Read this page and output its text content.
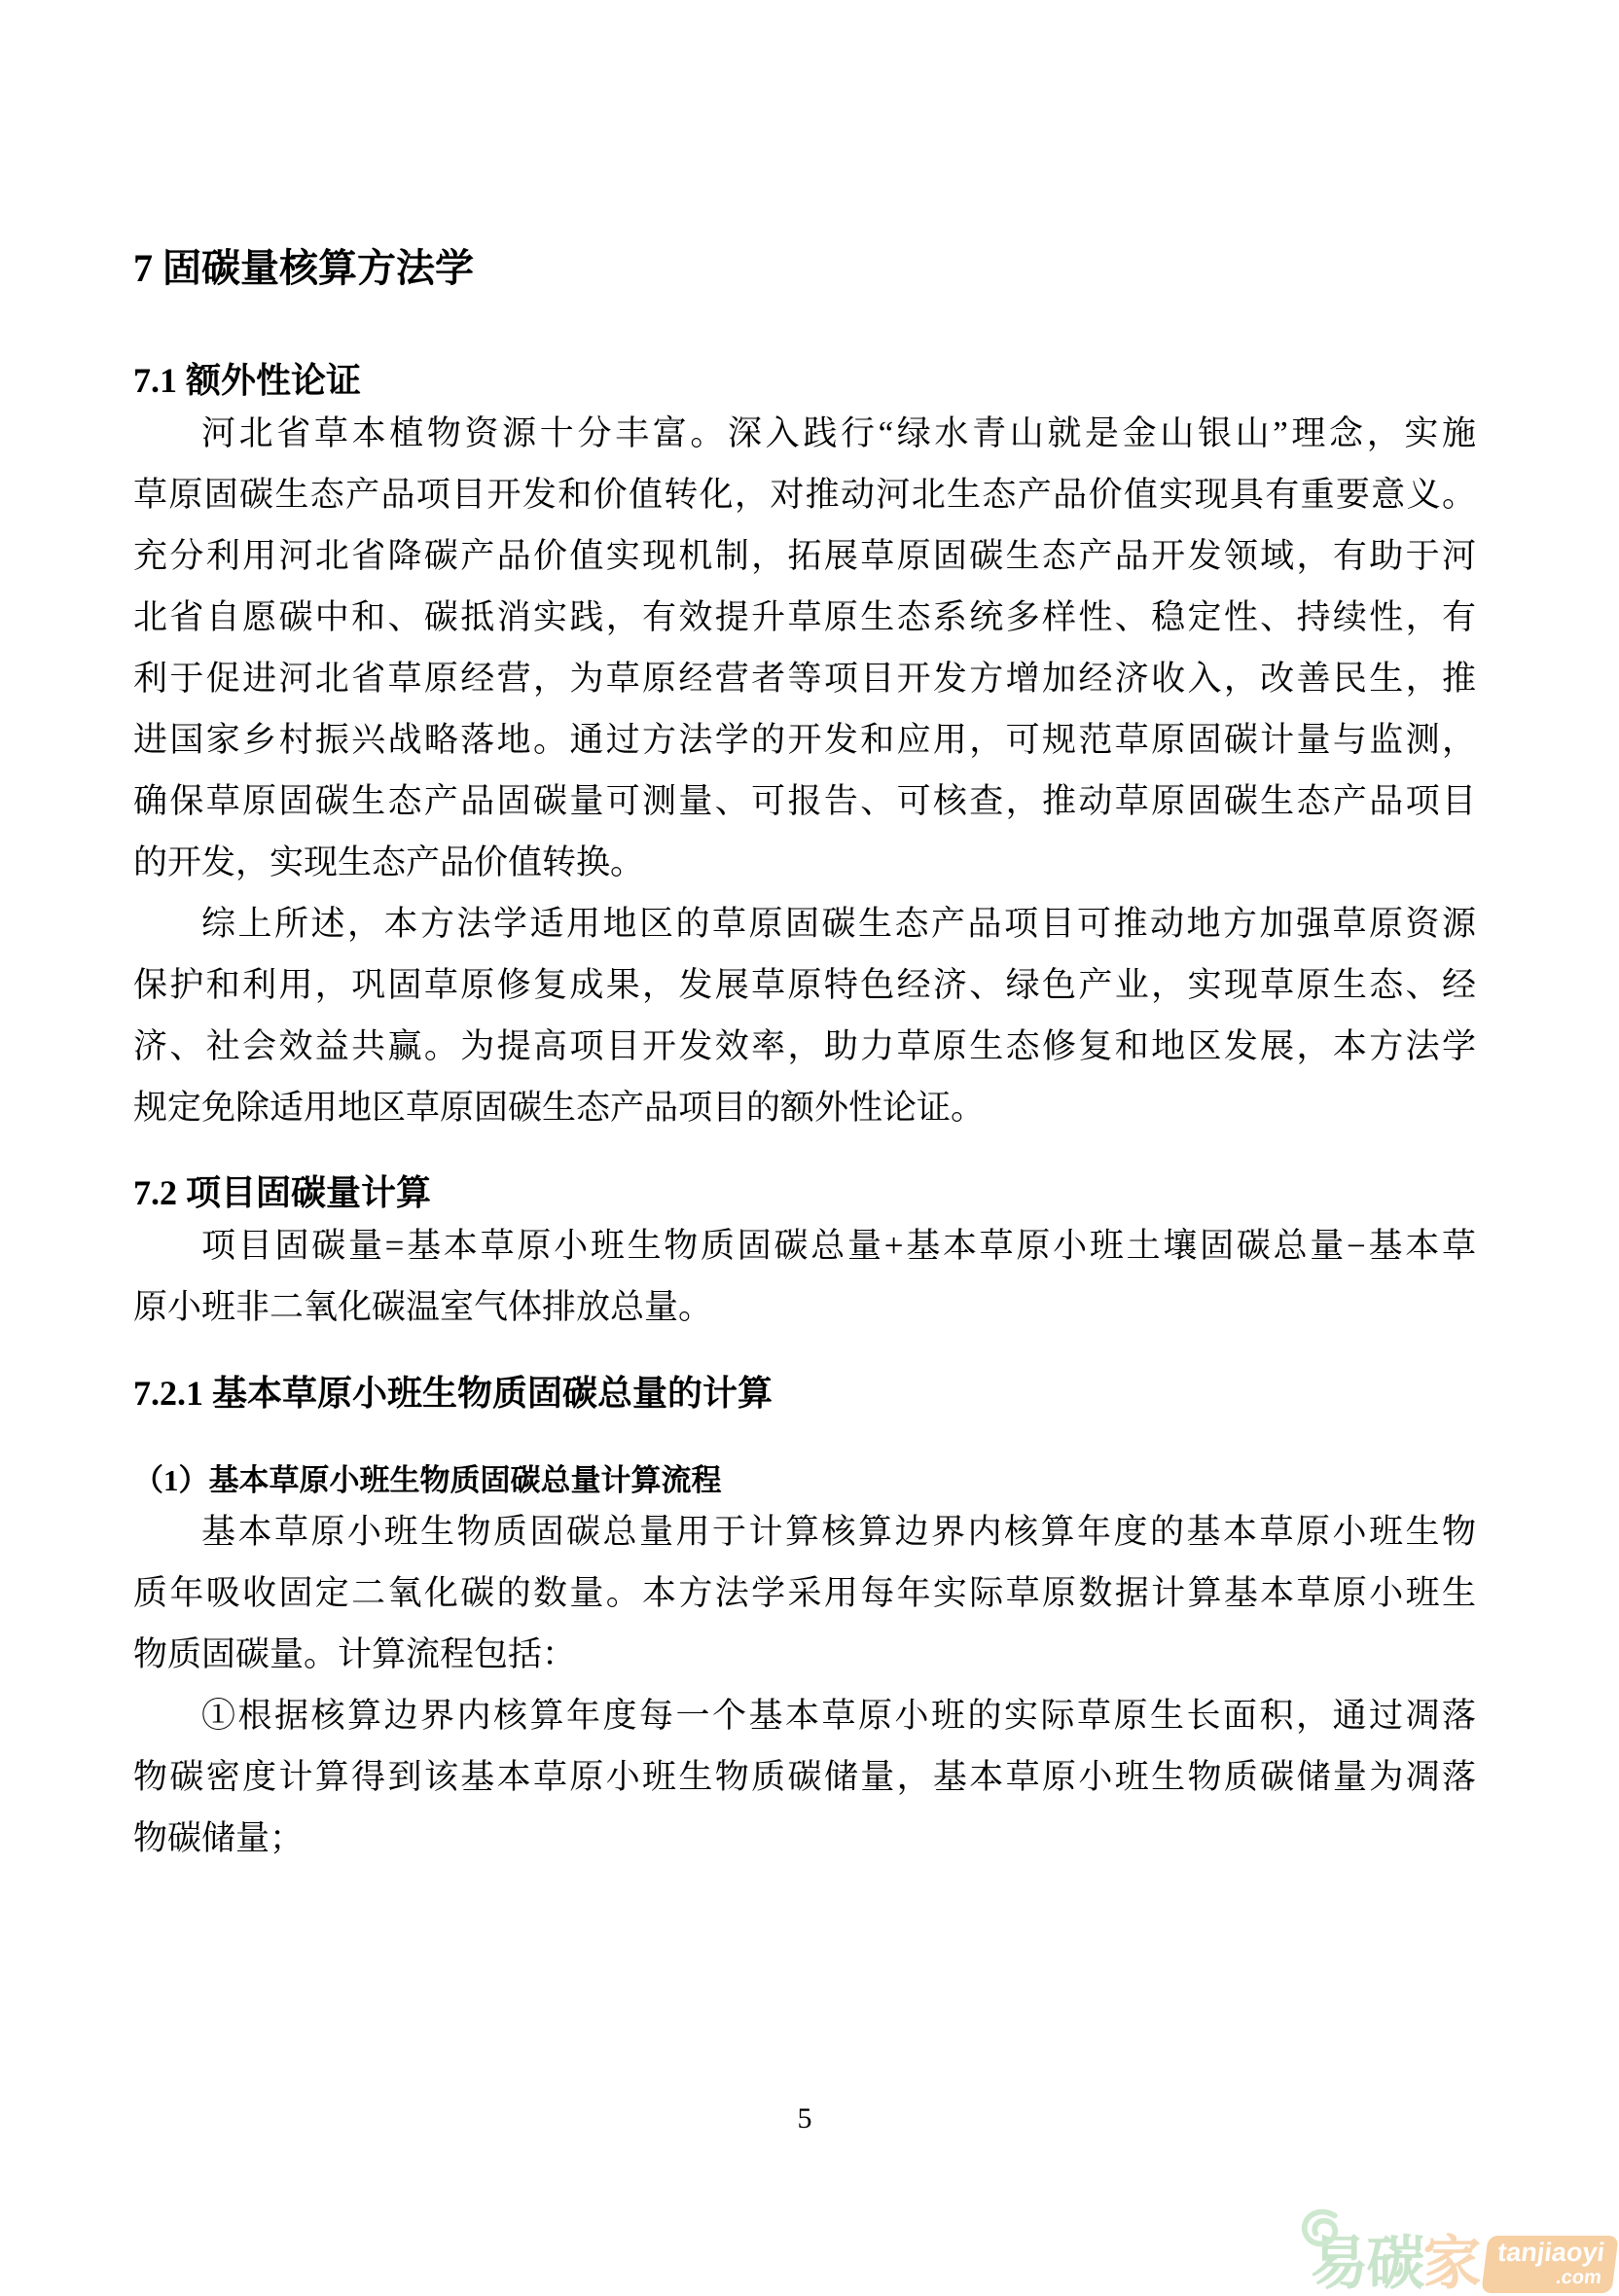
7 固碳量核算方法学
7.1 额外性论证
河北省草本植物资源十分丰富。深入践行“绿水青山就是金山银山”理念，实施
草原固碳生态产品项目开发和价值转化，对推动河北生态产品价值实现具有重要意义。
充分利用河北省降碳产品价值实现机制，拓展草原固碳生态产品开发领域，有助于河
北省自愿碳中和、碳抵消实践，有效提升草原生态系统多样性、稳定性、持续性，有
利于促进河北省草原经营，为草原经营者等项目开发方增加经济收入，改善民生，推
进国家乡村振兴战略落地。通过方法学的开发和应用，可规范草原固碳计量与监测，
确保草原固碳生态产品固碳量可测量、可报告、可核查，推动草原固碳生态产品项目
的开发，实现生态产品价值转换。
综上所述，本方法学适用地区的草原固碳生态产品项目可推动地方加强草原资源
保护和利用，巩固草原修复成果，发展草原特色经济、绿色产业，实现草原生态、经
济、社会效益共赢。为提高项目开发效率，助力草原生态修复和地区发展，本方法学
规定免除适用地区草原固碳生态产品项目的额外性论证。
7.2 项目固碳量计算
项目固碳量=基本草原小班生物质固碳总量+基本草原小班土壤固碳总量−基本草
原小班非二氧化碳温室气体排放总量。
7.2.1 基本草原小班生物质固碳总量的计算
（1）基本草原小班生物质固碳总量计算流程
基本草原小班生物质固碳总量用于计算核算边界内核算年度的基本草原小班生物
质年吸收固定二氧化碳的数量。本方法学采用每年实际草原数据计算基本草原小班生
物质固碳量。计算流程包括：
①根据核算边界内核算年度每一个基本草原小班的实际草原生长面积，通过凋落
物碳密度计算得到该基本草原小班生物质碳储量，基本草原小班生物质碳储量为凋落
物碳储量；
5
易碳 家 tanjiaoyi
.com
